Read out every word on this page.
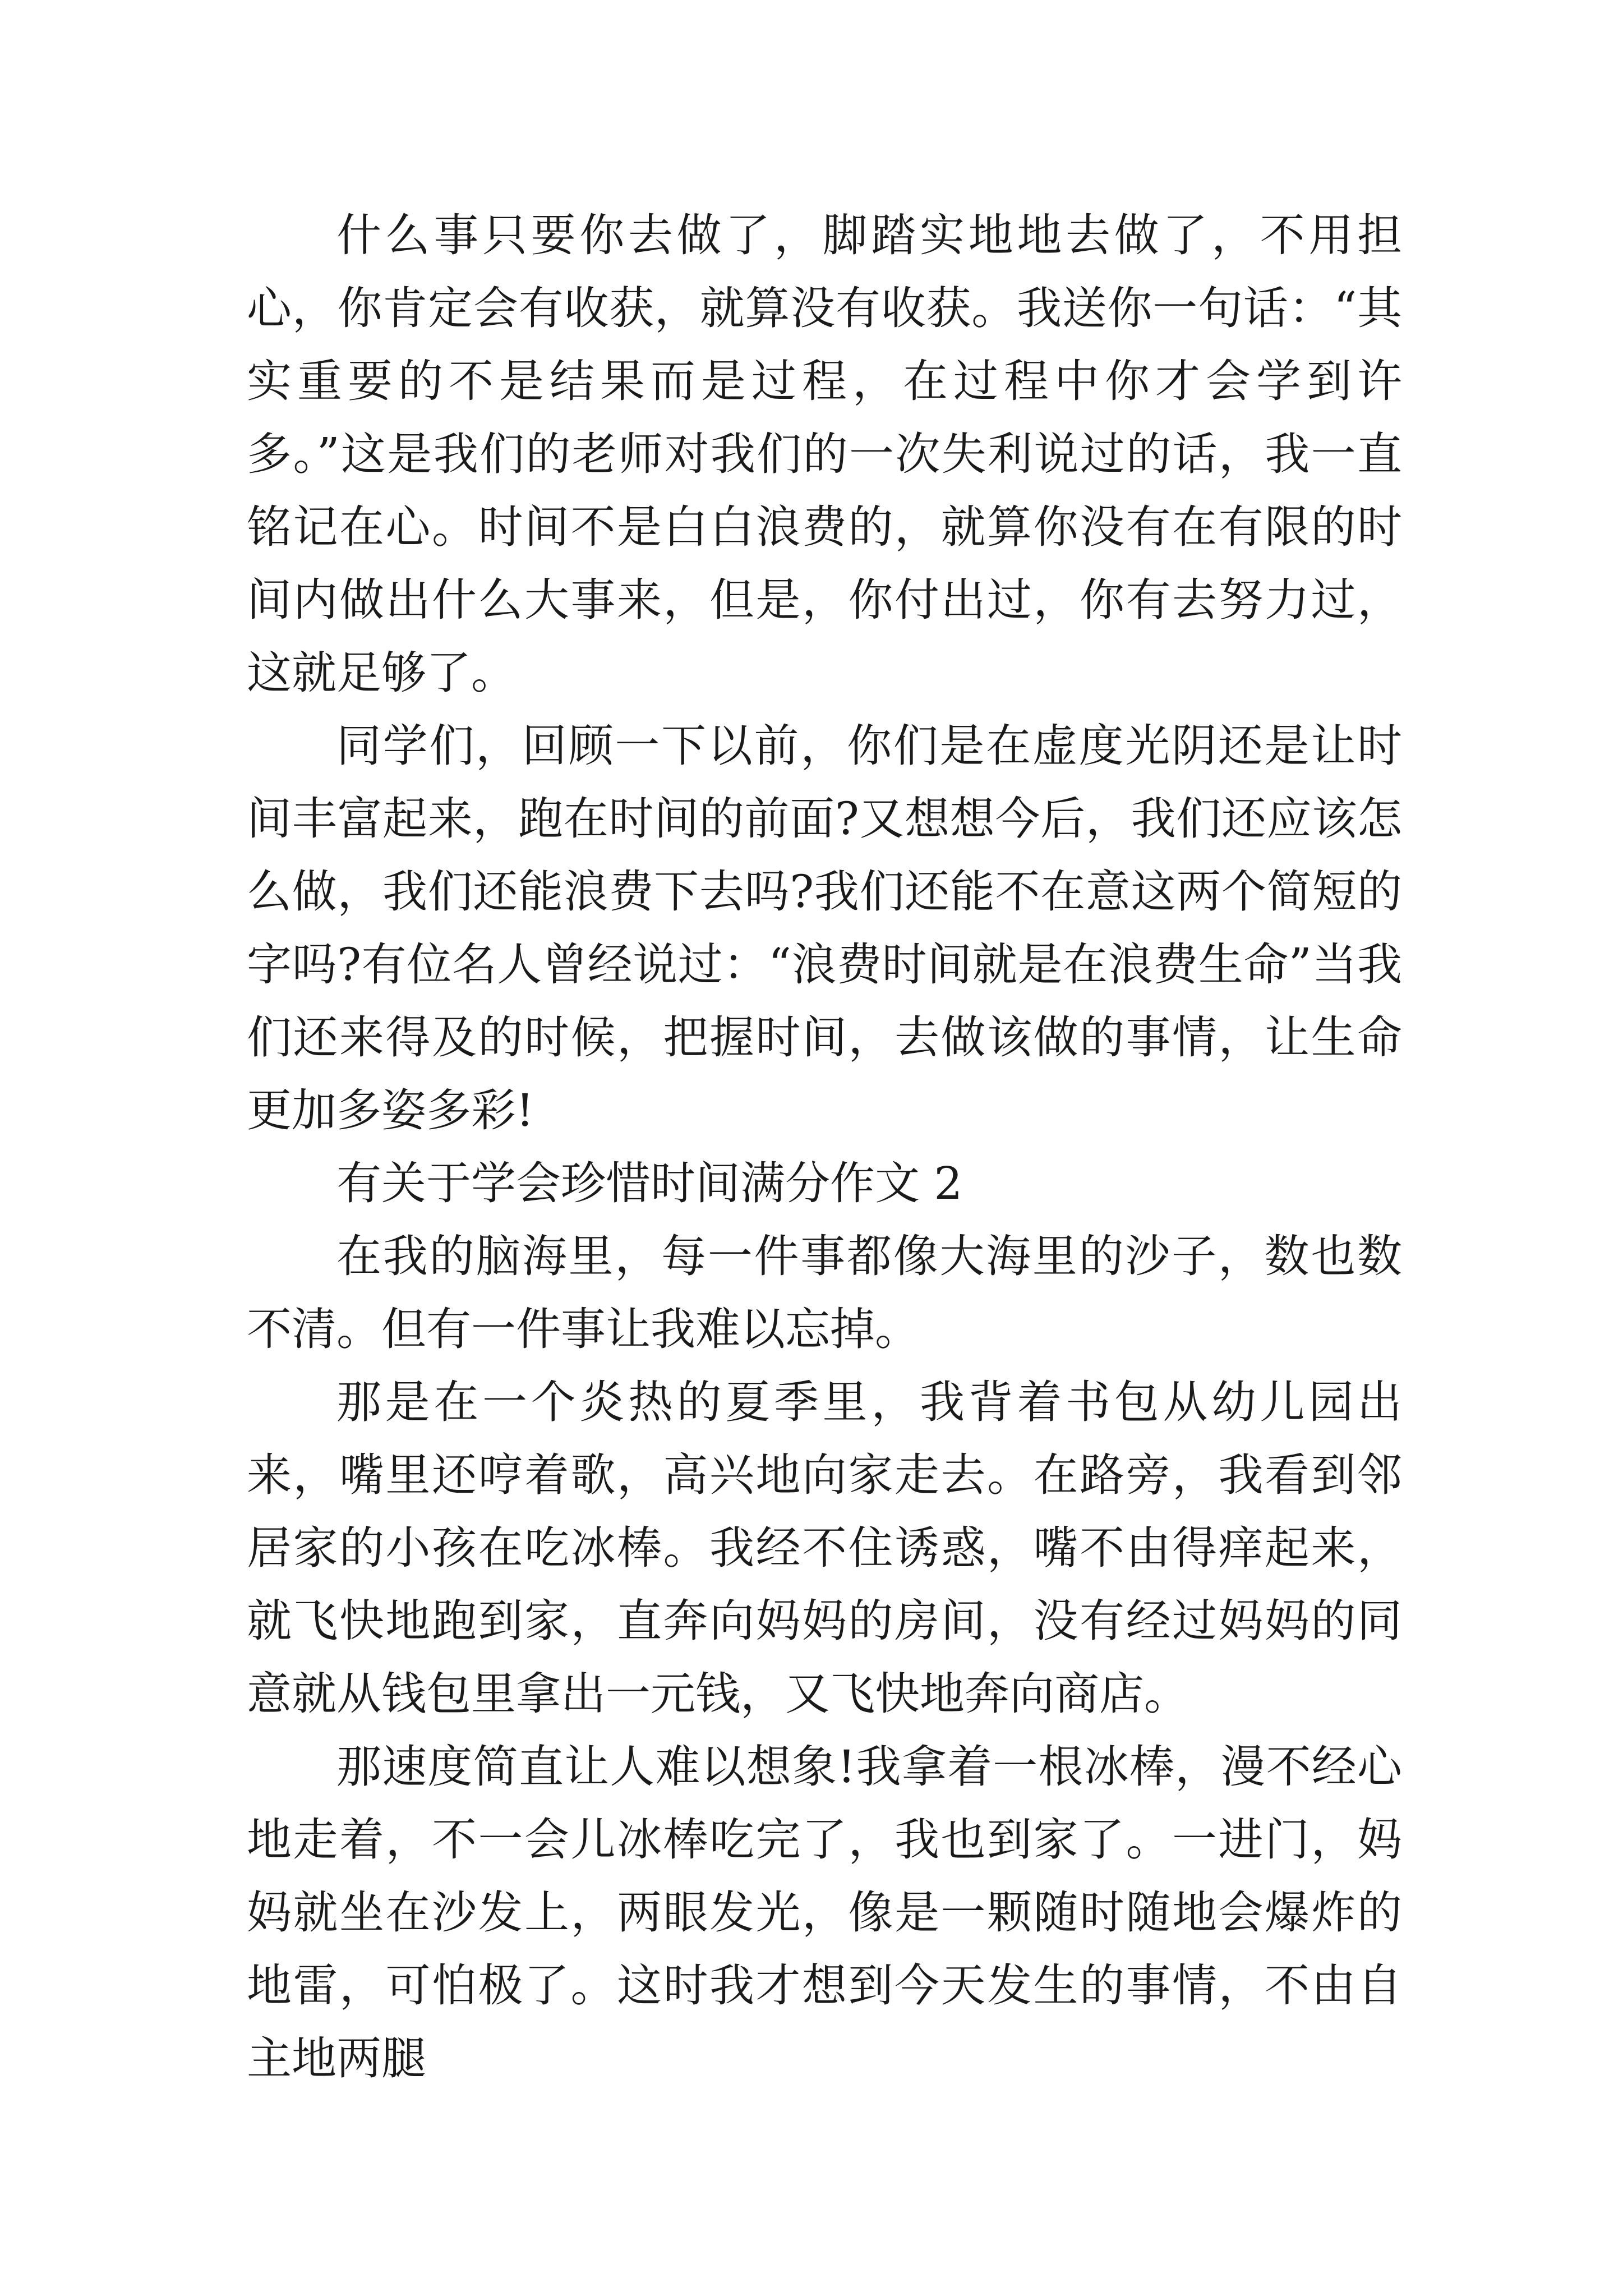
什么事只要你去做了，脚踏实地地去做了，不用担心，你肯定会有收获，就算没有收获。我送你一句话：“其实重要的不是结果而是过程，在过程中你才会学到许多。”这是我们的老师对我们的一次失利说过的话，我一直铭记在心。时间不是白白浪费的，就算你没有在有限的时间内做出什么大事来，但是，你付出过，你有去努力过，这就足够了。

同学们，回顾一下以前，你们是在虚度光阴还是让时间丰富起来，跑在时间的前面?又想想今后，我们还应该怎么做，我们还能浪费下去吗?我们还能不在意这两个简短的字吗?有位名人曾经说过：“浪费时间就是在浪费生命”当我们还来得及的时候，把握时间，去做该做的事情，让生命更加多姿多彩!

有关于学会珍惜时间满分作文 2

在我的脑海里，每一件事都像大海里的沙子，数也数不清。但有一件事让我难以忘掉。

那是在一个炎热的夏季里，我背着书包从幼儿园出来，嘴里还哼着歌，高兴地向家走去。在路旁，我看到邻居家的小孩在吃冰棒。我经不住诱惑，嘴不由得痒起来，就飞快地跑到家，直奔向妈妈的房间，没有经过妈妈的同意就从钱包里拿出一元钱，又飞快地奔向商店。

那速度简直让人难以想象!我拿着一根冰棒，漫不经心地走着，不一会儿冰棒吃完了，我也到家了。一进门，妈妈就坐在沙发上，两眼发光，像是一颗随时随地会爆炸的地雷，可怕极了。这时我才想到今天发生的事情，不由自主地两腿
